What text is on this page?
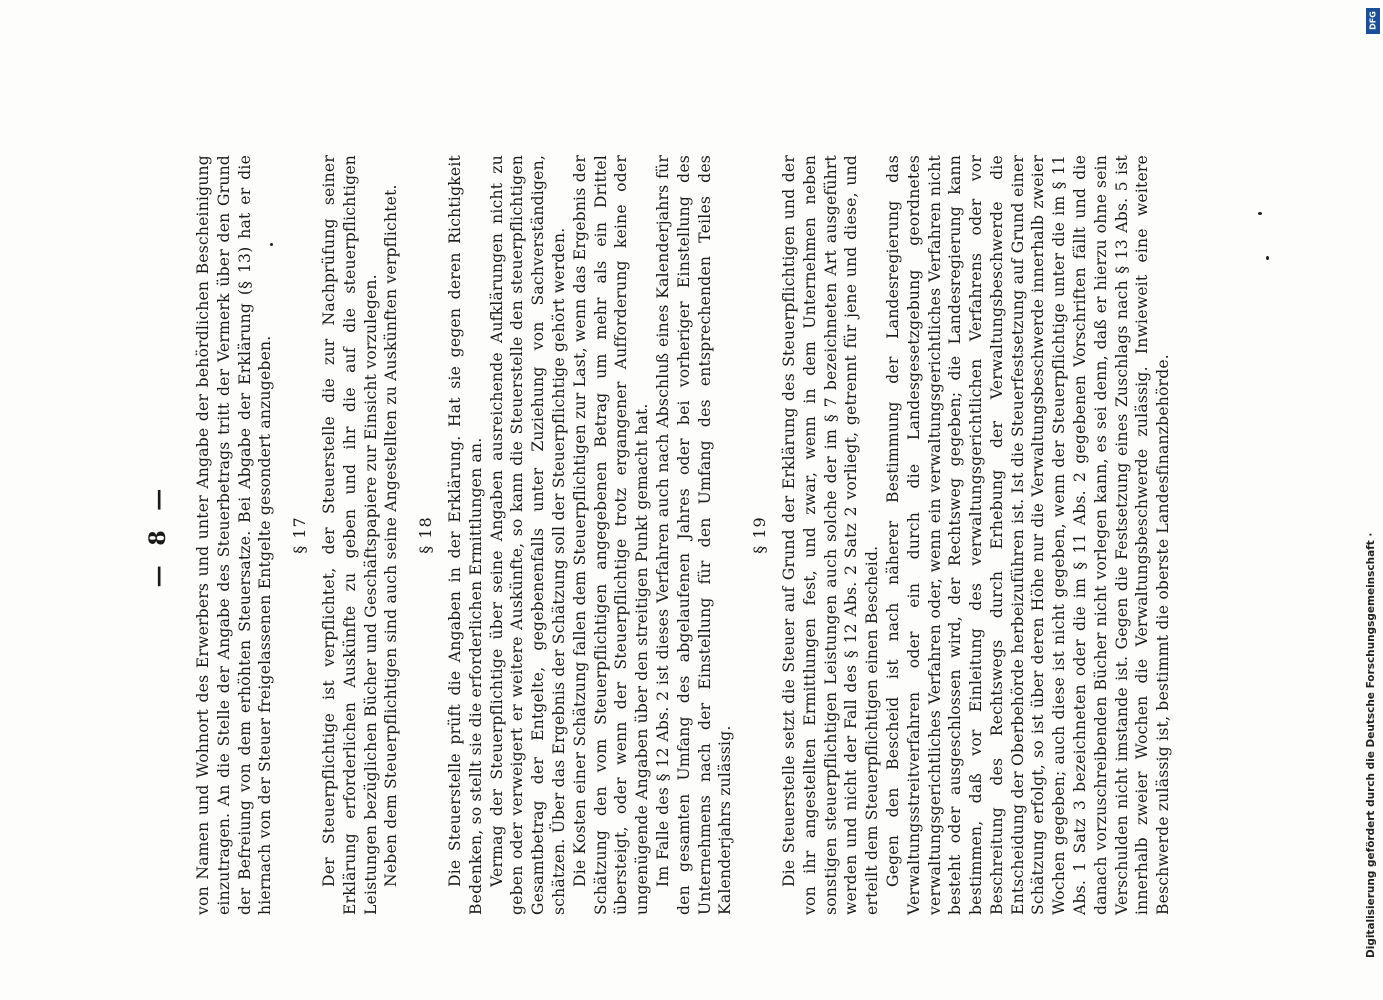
— 8 — von Namen und Wohnort des Erwerbers und unter Angabe der behördlichen Bescheinigung einzutragen. An die Stelle der Angabe des Steuerbetrags tritt der Vermerk über den Grund der Befreiung von dem erhöhten Steuersatze. Bei Abgabe der Erklärung (§ 13) hat er die hiernach von der Steuer freigelassenen Entgelte gesondert anzugeben. § 17 Der Steuerpflichtige ist verpflichtet, der Steuerstelle die zur Nachprüfung seiner Erklärung erforderlichen Auskünfte zu geben und ihr die auf die steuerpflichtigen Leistungen bezüglichen Bücher und Geschäftspapiere zur Einsicht vorzulegen. Neben dem Steuerpflichtigen sind auch seine Angestellten zu Auskünften verpflichtet. § 18 Die Steuerstelle prüft die Angaben in der Erklärung. Hat sie gegen deren Richtigkeit Bedenken, so stellt sie die erforderlichen Ermittlungen an. Vermag der Steuerpflichtige über seine Angaben ausreichende Aufklärungen nicht zu geben oder verweigert er weitere Auskünfte, so kann die Steuerstelle den steuerpflichtigen Gesamtbetrag der Entgelte, gegebenenfalls unter Zuziehung von Sachverständigen, schätzen. Über das Ergebnis der Schätzung soll der Steuerpflichtige gehört werden. Die Kosten einer Schätzung fallen dem Steuerpflichtigen zur Last, wenn das Ergebnis der Schätzung den vom Steuerpflichtigen angegebenen Betrag um mehr als ein Drittel übersteigt, oder wenn der Steuerpflichtige trotz ergangener Aufforderung keine oder ungenügende Angaben über den streitigen Punkt gemacht hat. Im Falle des § 12 Abs. 2 ist dieses Verfahren auch nach Abschluß eines Kalenderjahrs für den gesamten Umfang des abgelaufenen Jahres oder bei vorheriger Einstellung des Unternehmens nach der Einstellung für den Umfang des entsprechenden Teiles des Kalenderjahrs zulässig.

§ 19 Die Steuerstelle setzt die Steuer auf Grund der Erklärung des Steuerpflichtigen und der von ihr angestellten Ermittlungen fest, und zwar, wenn in dem Unternehmen neben sonstigen steuerpflichtigen Leistungen auch solche der im § 7 bezeichneten Art ausgeführt werden und nicht der Fall des § 12 Abs. 2 Satz 2 vorliegt, getrennt für jene und diese, und erteilt dem Steuerpflichtigen einen Bescheid. Gegen den Bescheid ist nach näherer Bestimmung der Landesregierung das Verwaltungsstreitverfahren oder ein durch die Landesgesetzgebung geordnetes verwaltungsgerichtliches Verfahren oder, wenn ein verwaltungsgerichtliches Verfahren nicht besteht oder ausgeschlossen wird, der Rechtsweg gegeben; die Landesregierung kann bestimmen, daß vor Einleitung des verwaltungsgerichtlichen Verfahrens oder vor Beschreitung des Rechtswegs durch Erhebung der Verwaltungsbeschwerde die Entscheidung der Oberbehörde herbeizuführen ist. Ist die Steuerfestsetzung auf Grund einer Schätzung erfolgt, so ist über deren Höhe nur die Verwaltungsbeschwerde innerhalb zweier Wochen gegeben; auch diese ist nicht gegeben, wenn der Steuerpflichtige unter die im § 11 Abs. 1 Satz 3 bezeichneten oder die im § 11 Abs. 2 gegebenen Vorschriften fällt und die danach vorzuschreibenden Bücher nicht vorlegen kann, es sei denn, daß er hierzu ohne sein Verschulden nicht imstande ist. Gegen die Festsetzung eines Zuschlags nach § 13 Abs. 5 ist innerhalb zweier Wochen die Verwaltungsbeschwerde zulässig. Inwieweit eine weitere Beschwerde zulässig ist, bestimmt die oberste Landesfinanzbehörde.

DFG
Digitalisierung gefördert durch die Deutsche Forschungsgemeinschaft ·
